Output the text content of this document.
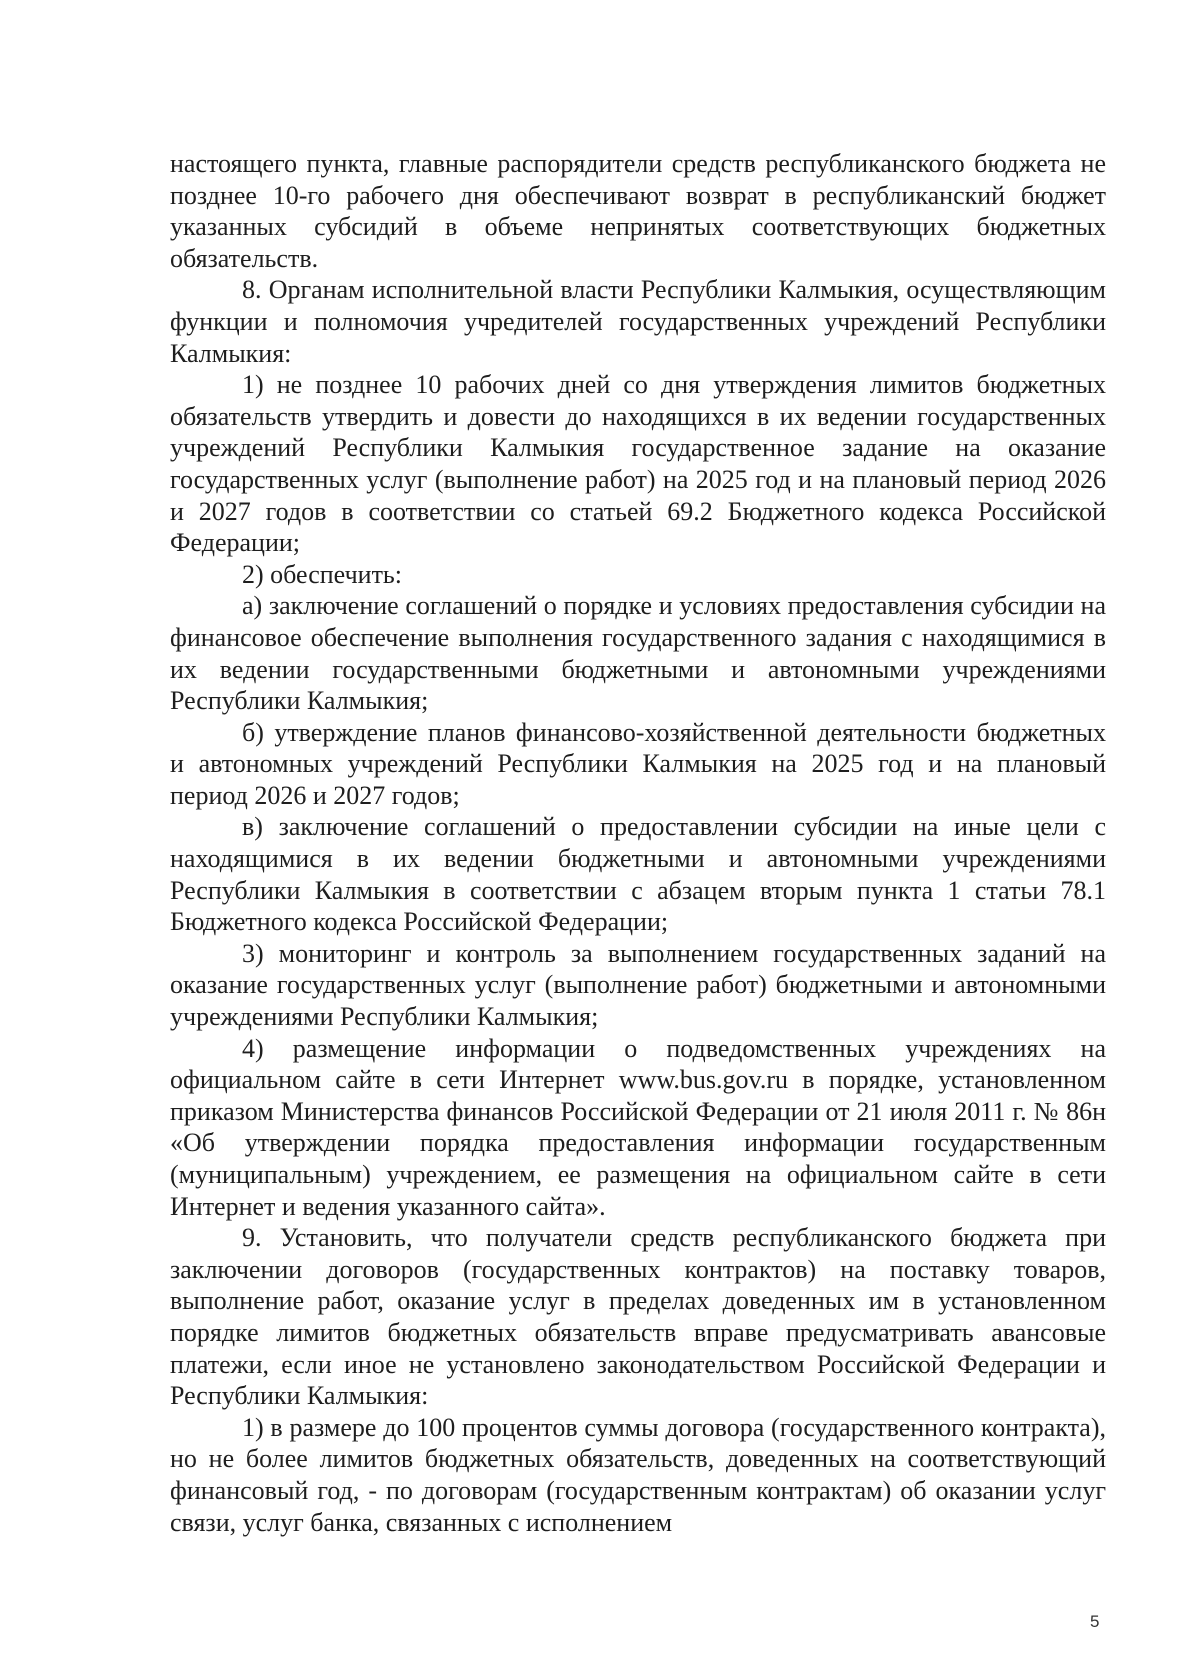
настоящего пункта, главные распорядители средств республиканского бюджета не позднее 10-го рабочего дня обеспечивают возврат в республиканский бюджет указанных субсидий в объеме непринятых соответствующих бюджетных обязательств.

8. Органам исполнительной власти Республики Калмыкия, осуществляющим функции и полномочия учредителей государственных учреждений Республики Калмыкия:

1) не позднее 10 рабочих дней со дня утверждения лимитов бюджетных обязательств утвердить и довести до находящихся в их ведении государственных учреждений Республики Калмыкия государственное задание на оказание государственных услуг (выполнение работ) на 2025 год и на плановый период 2026 и 2027 годов в соответствии со статьей 69.2 Бюджетного кодекса Российской Федерации;

2) обеспечить:

а) заключение соглашений о порядке и условиях предоставления субсидии на финансовое обеспечение выполнения государственного задания с находящимися в их ведении государственными бюджетными и автономными учреждениями Республики Калмыкия;

б) утверждение планов финансово-хозяйственной деятельности бюджетных и автономных учреждений Республики Калмыкия на 2025 год и на плановый период 2026 и 2027 годов;

в) заключение соглашений о предоставлении субсидии на иные цели с находящимися в их ведении бюджетными и автономными учреждениями Республики Калмыкия в соответствии с абзацем вторым пункта 1 статьи 78.1 Бюджетного кодекса Российской Федерации;

3) мониторинг и контроль за выполнением государственных заданий на оказание государственных услуг (выполнение работ) бюджетными и автономными учреждениями Республики Калмыкия;

4) размещение информации о подведомственных учреждениях на официальном сайте в сети Интернет www.bus.gov.ru в порядке, установленном приказом Министерства финансов Российской Федерации от 21 июля 2011 г. № 86н «Об утверждении порядка предоставления информации государственным (муниципальным) учреждением, ее размещения на официальном сайте в сети Интернет и ведения указанного сайта».

9. Установить, что получатели средств республиканского бюджета при заключении договоров (государственных контрактов) на поставку товаров, выполнение работ, оказание услуг в пределах доведенных им в установленном порядке лимитов бюджетных обязательств вправе предусматривать авансовые платежи, если иное не установлено законодательством Российской Федерации и Республики Калмыкия:

1) в размере до 100 процентов суммы договора (государственного контракта), но не более лимитов бюджетных обязательств, доведенных на соответствующий финансовый год, - по договорам (государственным контрактам) об оказании услуг связи, услуг банка, связанных с исполнением

5
